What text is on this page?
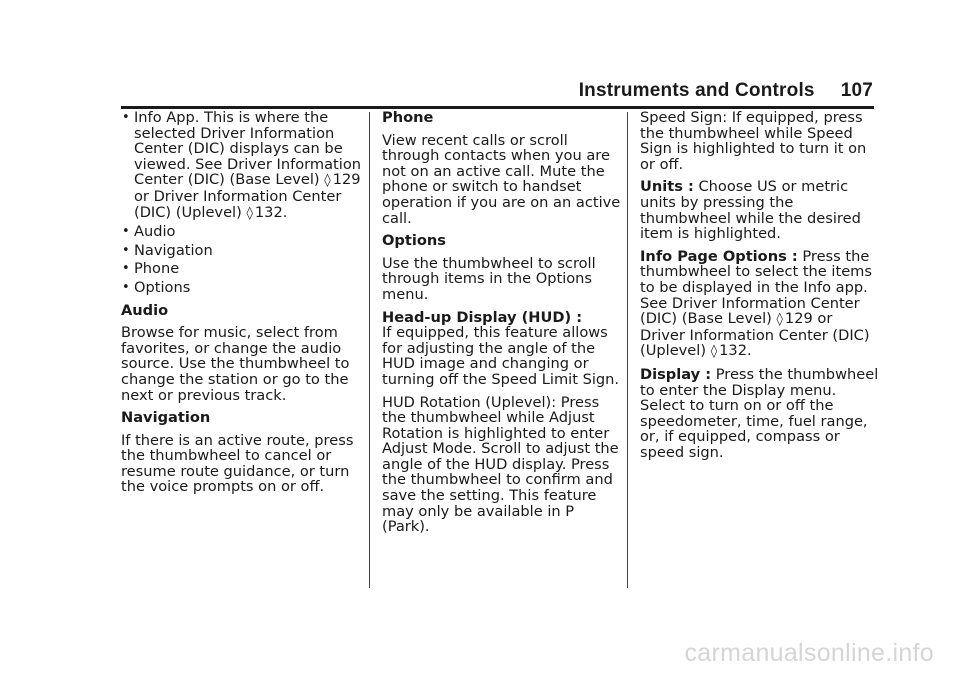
Instruments and Controls 107
• Info App. This is where the selected Driver Information Center (DIC) displays can be viewed. See Driver Information Center (DIC) (Base Level) ◊ 129 or Driver Information Center (DIC) (Uplevel) ◊ 132.
• Audio
• Navigation
• Phone
• Options

Audio

Browse for music, select from favorites, or change the audio source. Use the thumbwheel to change the station or go to the next or previous track.

Navigation

If there is an active route, press the thumbwheel to cancel or resume route guidance, or turn the voice prompts on or off.

Phone

View recent calls or scroll through contacts when you are not on an active call. Mute the phone or switch to handset operation if you are on an active call.

Options

Use the thumbwheel to scroll through items in the Options menu.

Head-up Display (HUD) :

If equipped, this feature allows for adjusting the angle of the HUD image and changing or turning off the Speed Limit Sign.

HUD Rotation (Uplevel): Press the thumbwheel while Adjust Rotation is highlighted to enter Adjust Mode. Scroll to adjust the angle of the HUD display. Press the thumbwheel to confirm and save the setting. This feature may only be available in P (Park).

Speed Sign: If equipped, press the thumbwheel while Speed Sign is highlighted to turn it on or off.

Units : Choose US or metric units by pressing the thumbwheel while the desired item is highlighted.

Info Page Options : Press the thumbwheel to select the items to be displayed in the Info app. See Driver Information Center (DIC) (Base Level) ◊ 129 or Driver Information Center (DIC) (Uplevel) ◊ 132.

Display : Press the thumbwheel to enter the Display menu. Select to turn on or off the speedometer, time, fuel range, or, if equipped, compass or speed sign.

carmanualsonline.info
